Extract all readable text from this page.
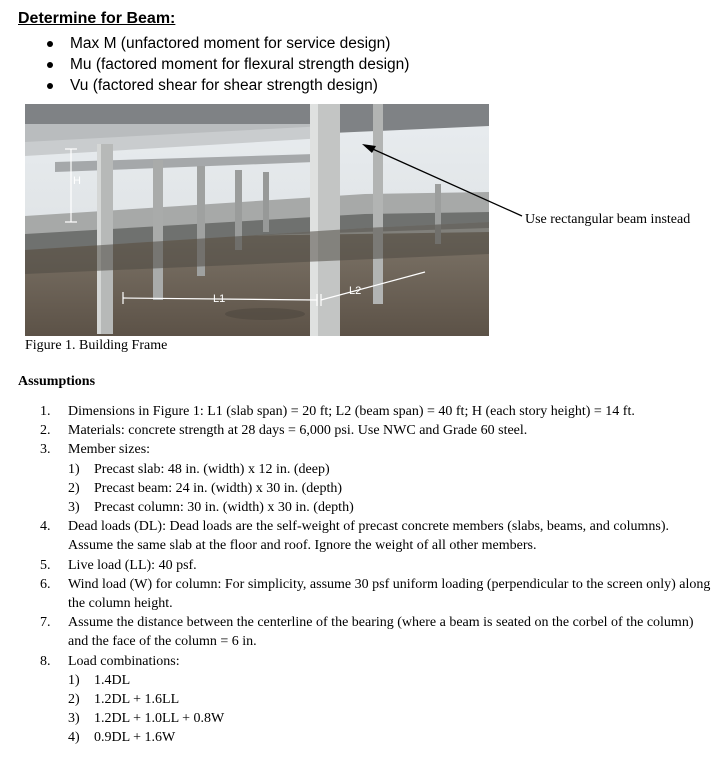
Determine for Beam:
Max M (unfactored moment for service design)
Mu (factored moment for flexural strength design)
Vu (factored shear for shear strength design)
H
L1
L2
Use rectangular beam instead
Figure 1. Building Frame
Assumptions
1. Dimensions in Figure 1: L1 (slab span) = 20 ft; L2 (beam span) = 40 ft; H (each story height) = 14 ft.
2. Materials: concrete strength at 28 days = 6,000 psi. Use NWC and Grade 60 steel.
3. Member sizes:
1) Precast slab: 48 in. (width) x 12 in. (deep)
2) Precast beam: 24 in. (width) x 30 in. (depth)
3) Precast column: 30 in. (width) x 30 in. (depth)
4. Dead loads (DL): Dead loads are the self-weight of precast concrete members (slabs, beams, and columns). Assume the same slab at the floor and roof. Ignore the weight of all other members.
5. Live load (LL): 40 psf.
6. Wind load (W) for column: For simplicity, assume 30 psf uniform loading (perpendicular to the screen only) along the column height.
7. Assume the distance between the centerline of the bearing (where a beam is seated on the corbel of the column) and the face of the column = 6 in.
8. Load combinations:
1) 1.4DL
2) 1.2DL + 1.6LL
3) 1.2DL + 1.0LL + 0.8W
4) 0.9DL + 1.6W
